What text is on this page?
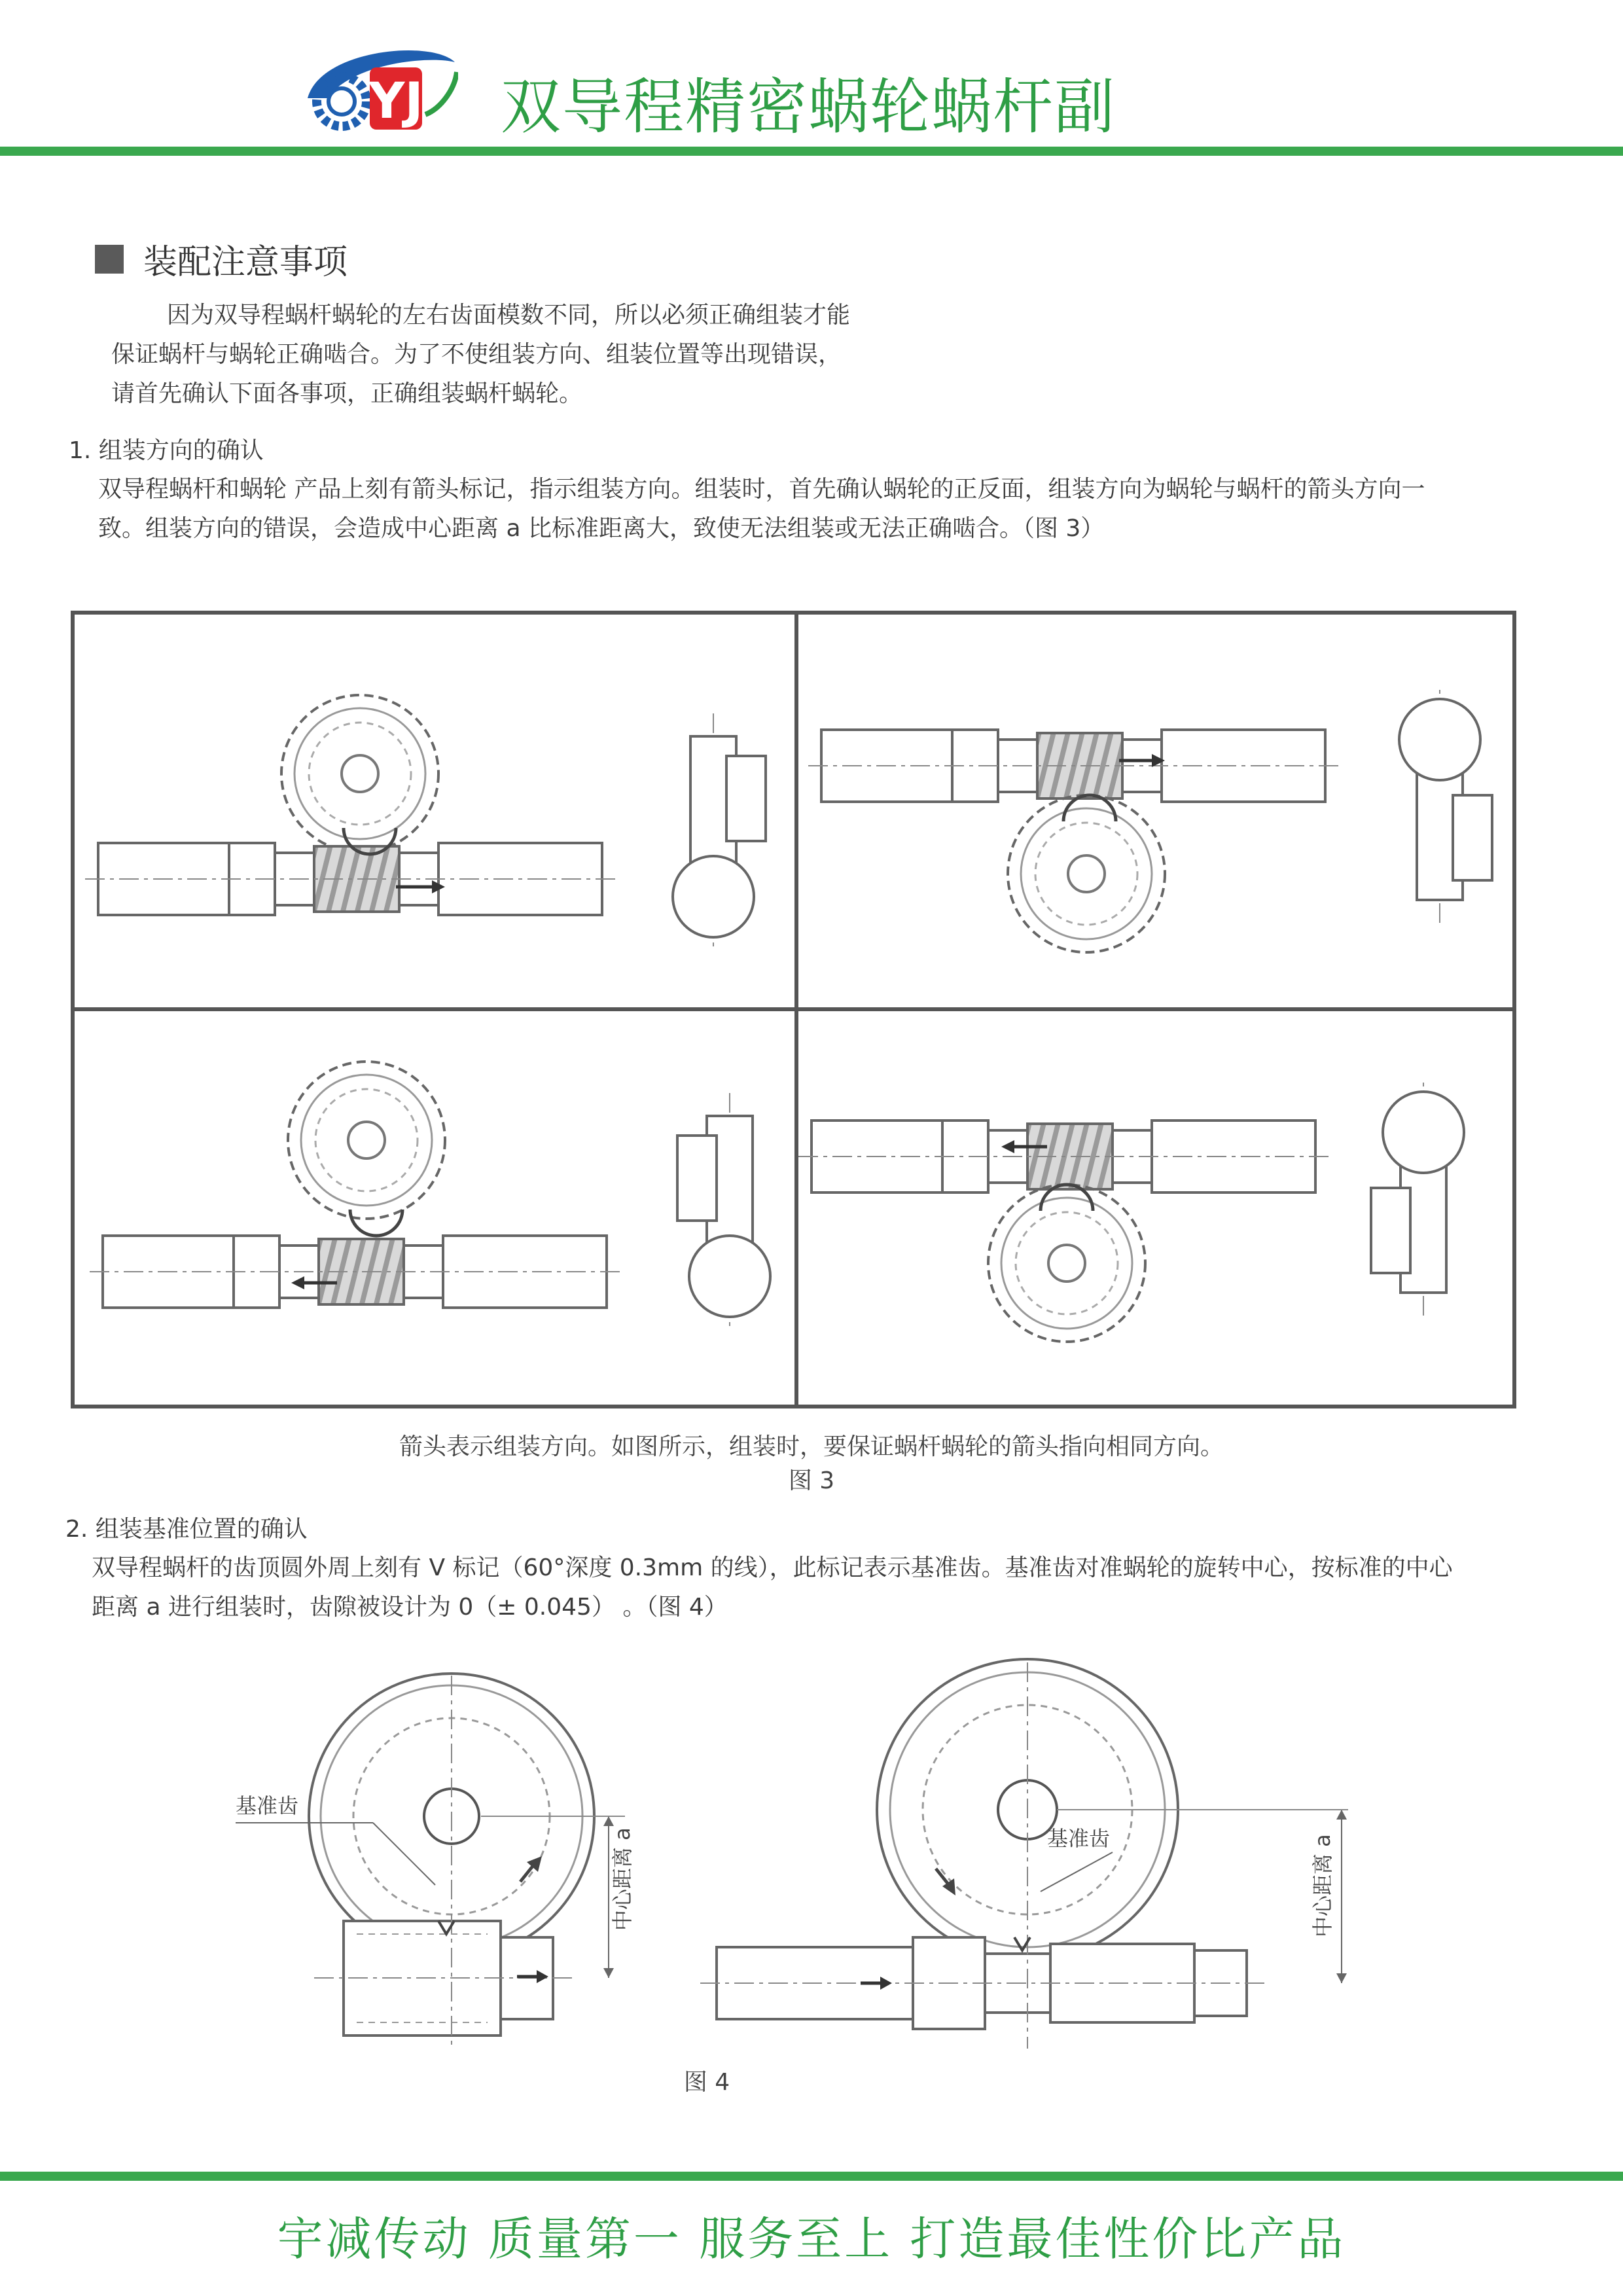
YJ 双导程精密蜗轮蜗杆副
装配注意事项
因为双导程蜗杆蜗轮的左右齿面模数不同，所以必须正确组装才能
保证蜗杆与蜗轮正确啮合。为了不使组装方向、组装位置等出现错误，
请首先确认下面各事项，正确组装蜗杆蜗轮。
1. 组装方向的确认
双导程蜗杆和蜗轮 产品上刻有箭头标记，指示组装方向。组装时，首先确认蜗轮的正反面，组装方向为蜗轮与蜗杆的箭头方向一
致。组装方向的错误，会造成中心距离 a 比标准距离大，致使无法组装或无法正确啮合。（图 3）
箭头表示组装方向。如图所示，组装时，要保证蜗杆蜗轮的箭头指向相同方向。
图 3
2. 组装基准位置的确认
双导程蜗杆的齿顶圆外周上刻有 V 标记（60°深度 0.3mm 的线），此标记表示基准齿。基准齿对准蜗轮的旋转中心，按标准的中心
距离 a 进行组装时，齿隙被设计为 0（± 0.045） 。（图 4）
基准齿
中心距离 a	基准齿	中心距离 a
图 4
宇减传动 质量第一 服务至上 打造最佳性价比产品
